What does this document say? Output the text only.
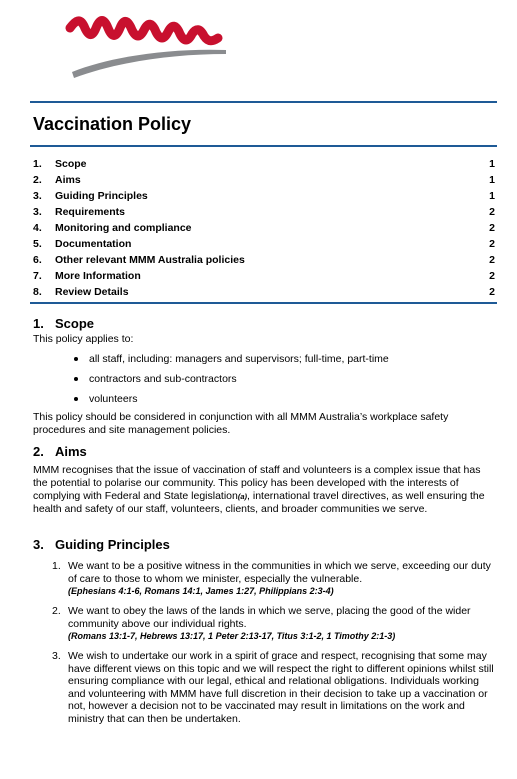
Vaccination Policy
1.	Scope	1
2.	Aims	1
3.	Guiding Principles	1
3.	Requirements	2
4.	Monitoring and compliance	2
5.	Documentation	2
6.	Other relevant MMM Australia policies	2
7.	More Information	2
8.	Review Details	2
1. Scope

This policy applies to:

all staff, including: managers and supervisors; full-time, part-time
contractors and sub-contractors
volunteers

This policy should be considered in conjunction with all MMM Australia’s workplace safety procedures and site management policies.

2. Aims

MMM recognises that the issue of vaccination of staff and volunteers is a complex issue that has the potential to polarise our community. This policy has been developed with the interests of complying with Federal and State legislation(a), international travel directives, as well ensuring the health and safety of our staff, volunteers, clients, and broader communities we serve.

3. Guiding Principles
1. We want to be a positive witness in the communities in which we serve, exceeding our duty of care to those to whom we minister, especially the vulnerable.
(Ephesians 4:1-6, Romans 14:1, James 1:27, Philippians 2:3-4)
2. We want to obey the laws of the lands in which we serve, placing the good of the wider community above our individual rights.
(Romans 13:1-7, Hebrews 13:17, 1 Peter 2:13-17, Titus 3:1-2, 1 Timothy 2:1-3)
3. We wish to undertake our work in a spirit of grace and respect, recognising that some may have different views on this topic and we will respect the right to different opinions whilst still ensuring compliance with our legal, ethical and relational obligations. Individuals working and volunteering with MMM have full discretion in their decision to take up a vaccination or not, however a decision not to be vaccinated may result in limitations on the work and ministry that can then be undertaken.
